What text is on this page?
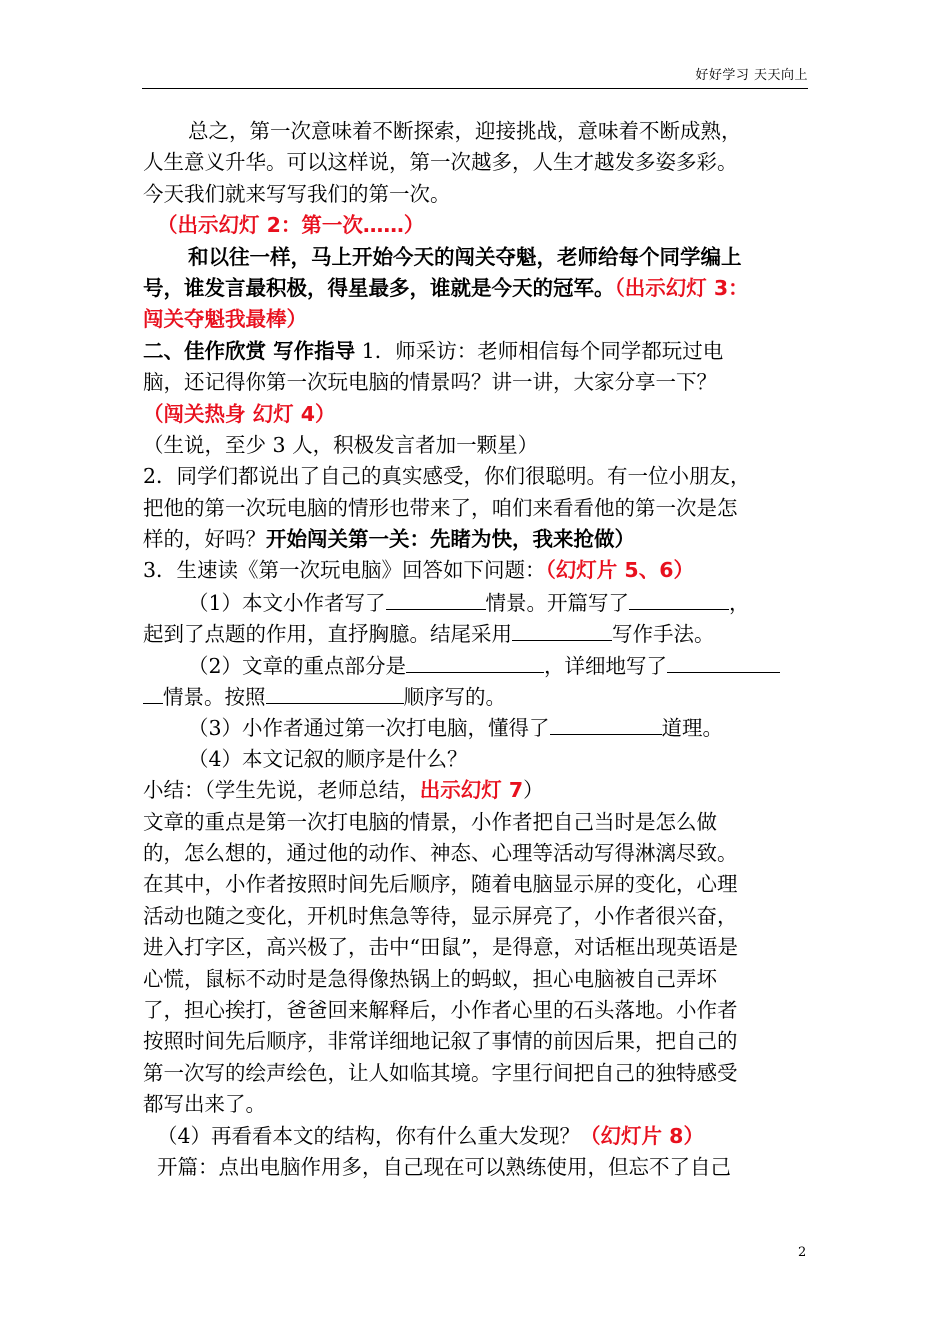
好好学习 天天向上
总之，第一次意味着不断探索，迎接挑战，意味着不断成熟，
人生意义升华。可以这样说，第一次越多，人生才越发多姿多彩。
今天我们就来写写我们的第一次。
（出示幻灯 2：第一次……）
和以往一样，马上开始今天的闯关夺魁，老师给每个同学编上
号，谁发言最积极，得星最多，谁就是今天的冠军。（出示幻灯 3：
闯关夺魁我最棒）
二、佳作欣赏 写作指导 1．师采访：老师相信每个同学都玩过电
脑，还记得你第一次玩电脑的情景吗？讲一讲，大家分享一下？
（闯关热身 幻灯 4）
（生说，至少 3 人，积极发言者加一颗星）
2．同学们都说出了自己的真实感受，你们很聪明。有一位小朋友，
把他的第一次玩电脑的情形也带来了，咱们来看看他的第一次是怎
样的，好吗？开始闯关第一关：先睹为快，我来抢做）
3．生速读《第一次玩电脑》回答如下问题：（幻灯片 5、6）
（1）本文小作者写了	情景。开篇写了	，
起到了点题的作用，直抒胸臆。结尾采用	写作手法。
（2）文章的重点部分是	，详细地写了
情景。按照	顺序写的。
（3）小作者通过第一次打电脑，懂得了	道理。
（4）本文记叙的顺序是什么？
小结：（学生先说，老师总结，出示幻灯 7）
文章的重点是第一次打电脑的情景，小作者把自己当时是怎么做
的，怎么想的，通过他的动作、神态、心理等活动写得淋漓尽致。
在其中，小作者按照时间先后顺序，随着电脑显示屏的变化，心理
活动也随之变化，开机时焦急等待，显示屏亮了，小作者很兴奋，
进入打字区，高兴极了，击中“田鼠”，是得意，对话框出现英语是
心慌，鼠标不动时是急得像热锅上的蚂蚁，担心电脑被自己弄坏
了，担心挨打，爸爸回来解释后，小作者心里的石头落地。小作者
按照时间先后顺序，非常详细地记叙了事情的前因后果，把自己的
第一次写的绘声绘色，让人如临其境。字里行间把自己的独特感受
都写出来了。
（4）再看看本文的结构，你有什么重大发现？（幻灯片 8）
开篇：点出电脑作用多，自己现在可以熟练使用，但忘不了自己
2
